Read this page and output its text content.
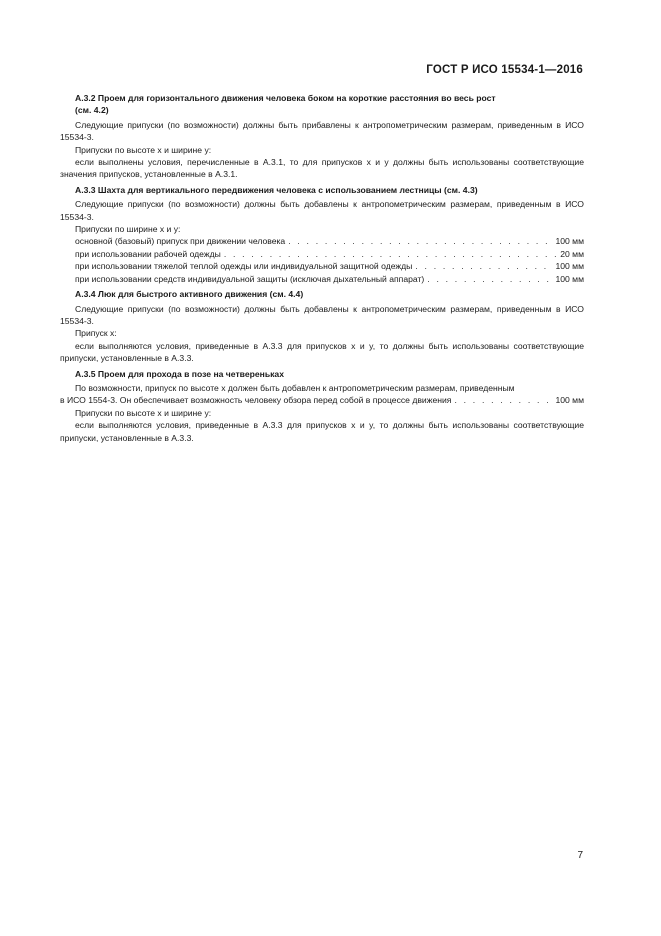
ГОСТ Р ИСО 15534-1—2016
А.3.2 Проем для горизонтального движения человека боком на короткие расстояния во весь рост
(см. 4.2)
Следующие припуски (по возможности) должны быть прибавлены к антропометрическим размерам, приведенным в ИСО 15534-3.
Припуски по высоте x и ширине y:
если выполнены условия, перечисленные в А.3.1, то для припусков x и y должны быть использованы соответствующие значения припусков, установленные в А.3.1.
А.3.3 Шахта для вертикального передвижения человека с использованием лестницы (см. 4.3)
Следующие припуски (по возможности) должны быть добавлены к антропометрическим размерам, приведенным в ИСО 15534-3.
Припуски по ширине x и y:
основной (базовый) припуск при движении человека . . .	100 мм
при использовании рабочей одежды . . .	20 мм
при использовании тяжелой теплой одежды или индивидуальной защитной одежды . . .	100 мм
при использовании средств индивидуальной защиты (исключая дыхательный аппарат) . . .	100 мм
А.3.4 Люк для быстрого активного движения (см. 4.4)
Следующие припуски (по возможности) должны быть добавлены к антропометрическим размерам, приведенным в ИСО 15534-3.
Припуск x:
если выполняются условия, приведенные в А.3.3 для припусков x и y, то должны быть использованы соответствующие припуски, установленные в А.3.3.
А.3.5 Проем для прохода в позе на четвереньках
По возможности, припуск по высоте x должен быть добавлен к антропометрическим размерам, приведенным
в ИСО 1554-3. Он обеспечивает возможность человеку обзора перед собой в процессе движения . . .	100 мм
Припуски по высоте x и ширине y:
если выполняются условия, приведенные в А.3.3 для припусков x и y, то должны быть использованы соответствующие припуски, установленные в А.3.3.
7
